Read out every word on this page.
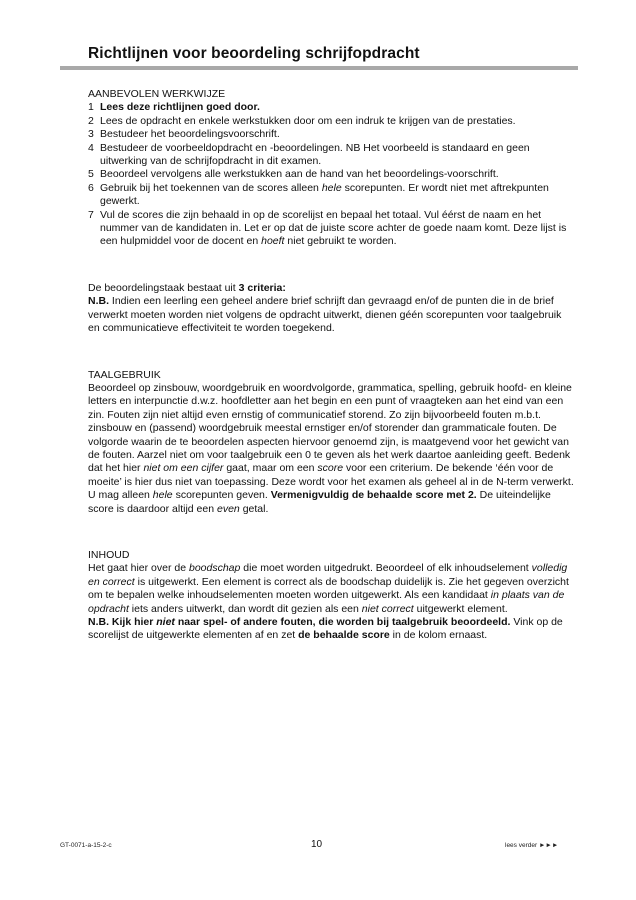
Richtlijnen voor beoordeling schrijfopdracht

AANBEVOLEN WERKWIJZE

1 Lees deze richtlijnen goed door.
2 Lees de opdracht en enkele werkstukken door om een indruk te krijgen van de prestaties.
3 Bestudeer het beoordelingsvoorschrift.
4 Bestudeer de voorbeeldopdracht en -beoordelingen. NB Het voorbeeld is standaard en geen uitwerking van de schrijfopdracht in dit examen.
5 Beoordeel vervolgens alle werkstukken aan de hand van het beoordelings-voorschrift.
6 Gebruik bij het toekennen van de scores alleen hele scorepunten. Er wordt niet met aftrekpunten gewerkt.
7 Vul de scores die zijn behaald in op de scorelijst en bepaal het totaal. Vul éérst de naam en het nummer van de kandidaten in. Let er op dat de juiste score achter de goede naam komt. Deze lijst is een hulpmiddel voor de docent en hoeft niet gebruikt te worden.

De beoordelingstaak bestaat uit 3 criteria:

N.B. Indien een leerling een geheel andere brief schrijft dan gevraagd en/of de punten die in de brief verwerkt moeten worden niet volgens de opdracht uitwerkt, dienen géén scorepunten voor taalgebruik en communicatieve effectiviteit te worden toegekend.

TAALGEBRUIK

Beoordeel op zinsbouw, woordgebruik en woordvolgorde, grammatica, spelling, gebruik hoofd- en kleine letters en interpunctie d.w.z. hoofdletter aan het begin en een punt of vraagteken aan het eind van een zin. Fouten zijn niet altijd even ernstig of communicatief storend. Zo zijn bijvoorbeeld fouten m.b.t. zinsbouw en (passend) woordgebruik meestal ernstiger en/of storender dan grammaticale fouten. De volgorde waarin de te beoordelen aspecten hiervoor genoemd zijn, is maatgevend voor het gewicht van de fouten. Aarzel niet om voor taalgebruik een 0 te geven als het werk daartoe aanleiding geeft. Bedenk dat het hier niet om een cijfer gaat, maar om een score voor een criterium. De bekende ‘één voor de moeite’ is hier dus niet van toepassing. Deze wordt voor het examen als geheel al in de N-term verwerkt. U mag alleen hele scorepunten geven. Vermenigvuldig de behaalde score met 2. De uiteindelijke score is daardoor altijd een even getal.

INHOUD

Het gaat hier over de boodschap die moet worden uitgedrukt. Beoordeel of elk inhoudselement volledig en correct is uitgewerkt. Een element is correct als de boodschap duidelijk is. Zie het gegeven overzicht om te bepalen welke inhoudselementen moeten worden uitgewerkt. Als een kandidaat in plaats van de opdracht iets anders uitwerkt, dan wordt dit gezien als een niet correct uitgewerkt element.

N.B. Kijk hier niet naar spel- of andere fouten, die worden bij taalgebruik beoordeeld. Vink op de scorelijst de uitgewerkte elementen af en zet de behaalde score in de kolom ernaast.

GT-0071-a-15-2-c	10	lees verder ►►►
